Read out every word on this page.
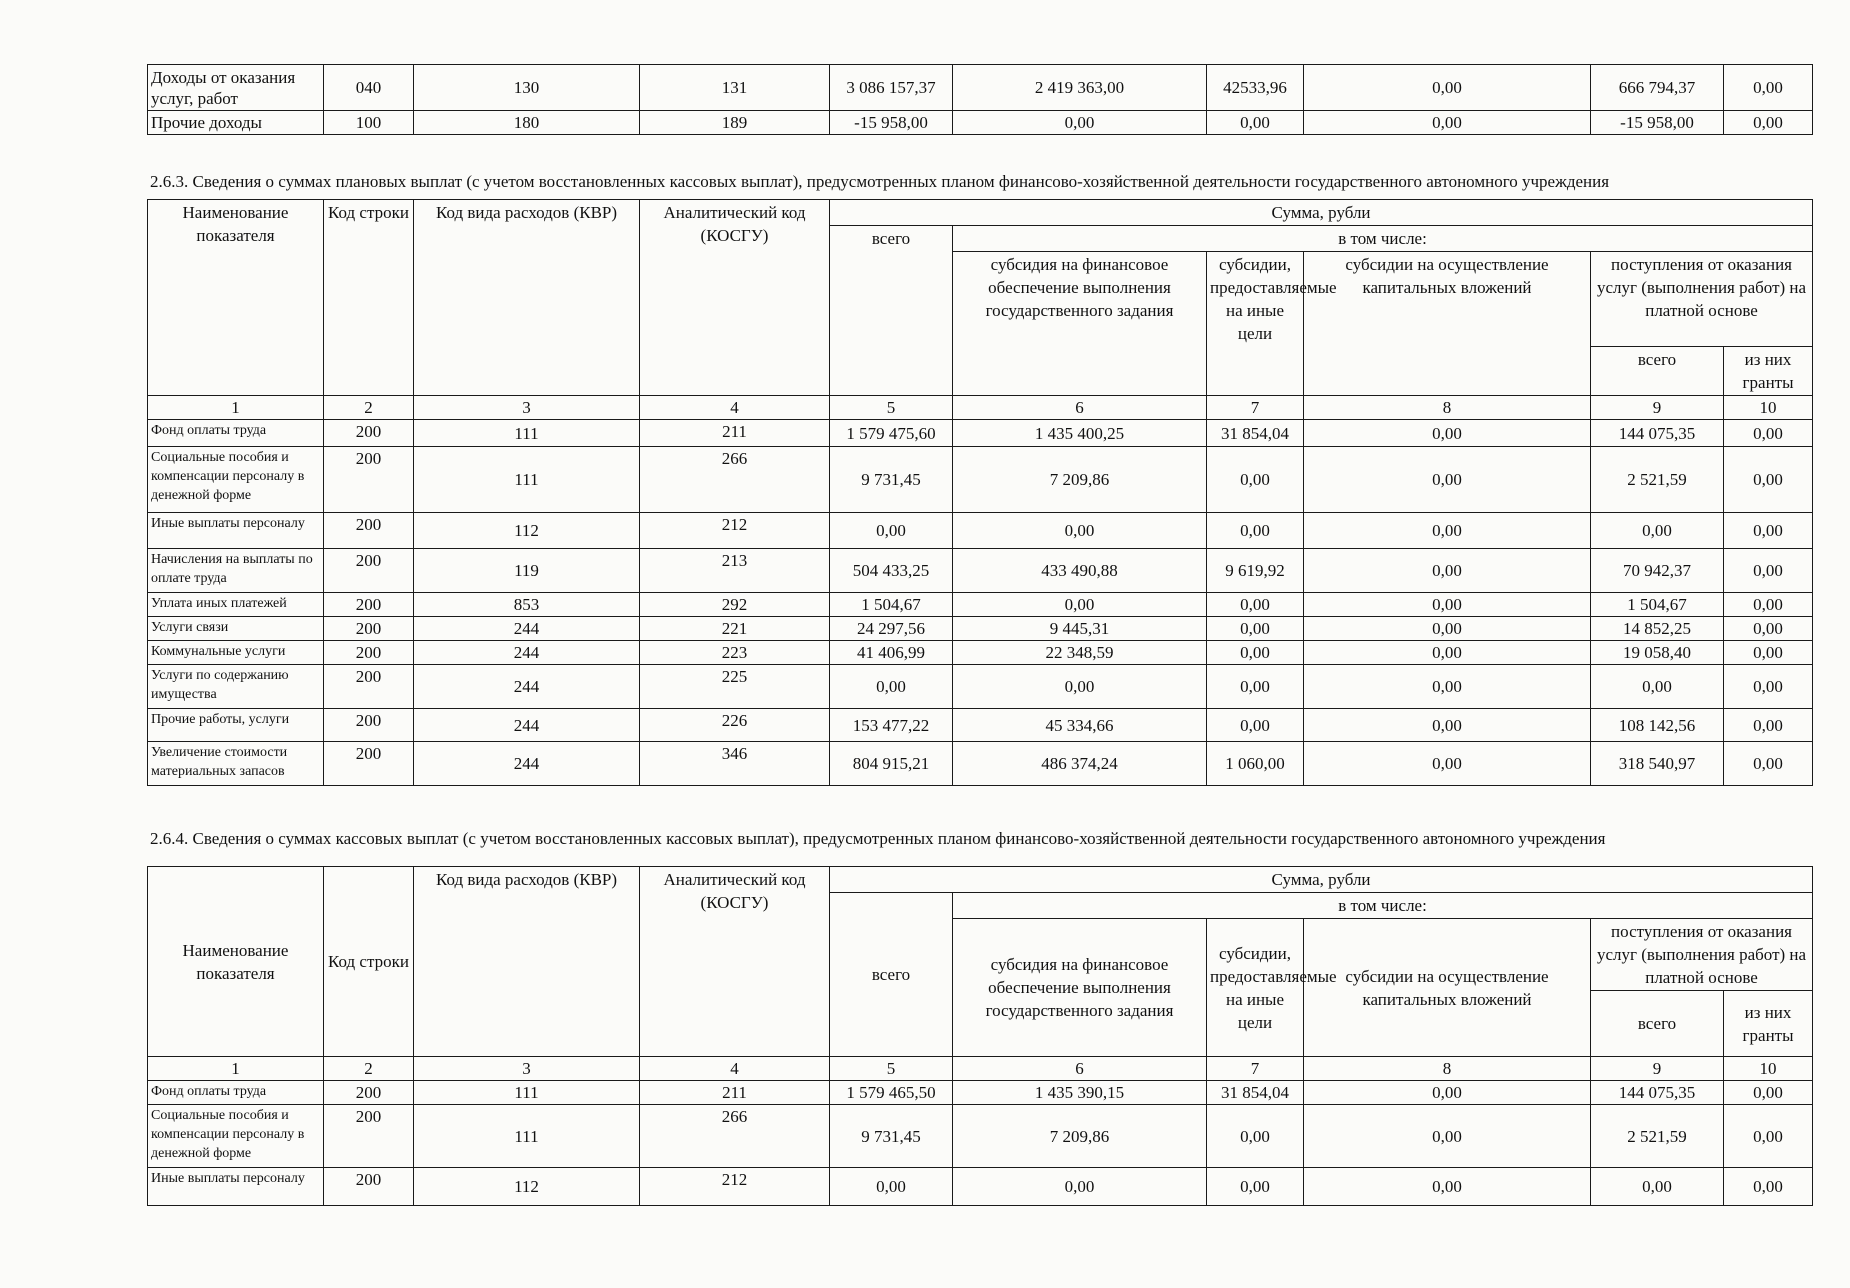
Доходы от оказания услуг, работ	040	130	131	3 086 157,37	2 419 363,00	42533,96	0,00	666 794,37	0,00
Прочие доходы	100	180	189	-15 958,00	0,00	0,00	0,00	-15 958,00	0,00
2.6.3. Сведения о суммах плановых выплат (с учетом восстановленных кассовых выплат), предусмотренных планом финансово-хозяйственной деятельности государственного автономного учреждения
Наименование показателя	Код строки	Код вида расходов (КВР)	Аналитический код (КОСГУ)	Сумма, рубли					
				всего	в том числе:				
					субсидия на финансовое обеспечение выполнения государственного задания	субсидии, предоставляемые на иные цели	субсидии на осуществление капитальных вложений	поступления от оказания услуг (выполнения работ) на платной основе	
								всего	из них гранты
1	2	3	4	5	6	7	8	9	10
Фонд оплаты труда	200	111	211	1 579 475,60	1 435 400,25	31 854,04	0,00	144 075,35	0,00
Социальные пособия и компенсации персоналу в денежной форме	200	111	266	9 731,45	7 209,86	0,00	0,00	2 521,59	0,00
Иные выплаты персоналу	200	112	212	0,00	0,00	0,00	0,00	0,00	0,00
Начисления на выплаты по оплате труда	200	119	213	504 433,25	433 490,88	9 619,92	0,00	70 942,37	0,00
Уплата иных платежей	200	853	292	1 504,67	0,00	0,00	0,00	1 504,67	0,00
Услуги связи	200	244	221	24 297,56	9 445,31	0,00	0,00	14 852,25	0,00
Коммунальные услуги	200	244	223	41 406,99	22 348,59	0,00	0,00	19 058,40	0,00
Услуги по содержанию имущества	200	244	225	0,00	0,00	0,00	0,00	0,00	0,00
Прочие работы, услуги	200	244	226	153 477,22	45 334,66	0,00	0,00	108 142,56	0,00
Увеличение стоимости материальных запасов	200	244	346	804 915,21	486 374,24	1 060,00	0,00	318 540,97	0,00
2.6.4. Сведения о суммах кассовых выплат (с учетом восстановленных кассовых выплат), предусмотренных планом финансово-хозяйственной деятельности государственного автономного учреждения
Наименование показателя	Код строки	Код вида расходов (КВР)	Аналитический код (КОСГУ)	Сумма, рубли					
				всего	в том числе:				
					субсидия на финансовое обеспечение выполнения государственного задания	субсидии, предоставляемые на иные цели	субсидии на осуществление капитальных вложений	поступления от оказания услуг (выполнения работ) на платной основе	
								всего	из них гранты
1	2	3	4	5	6	7	8	9	10
Фонд оплаты труда	200	111	211	1 579 465,50	1 435 390,15	31 854,04	0,00	144 075,35	0,00
Социальные пособия и компенсации персоналу в денежной форме	200	111	266	9 731,45	7 209,86	0,00	0,00	2 521,59	0,00
Иные выплаты персоналу	200	112	212	0,00	0,00	0,00	0,00	0,00	0,00
